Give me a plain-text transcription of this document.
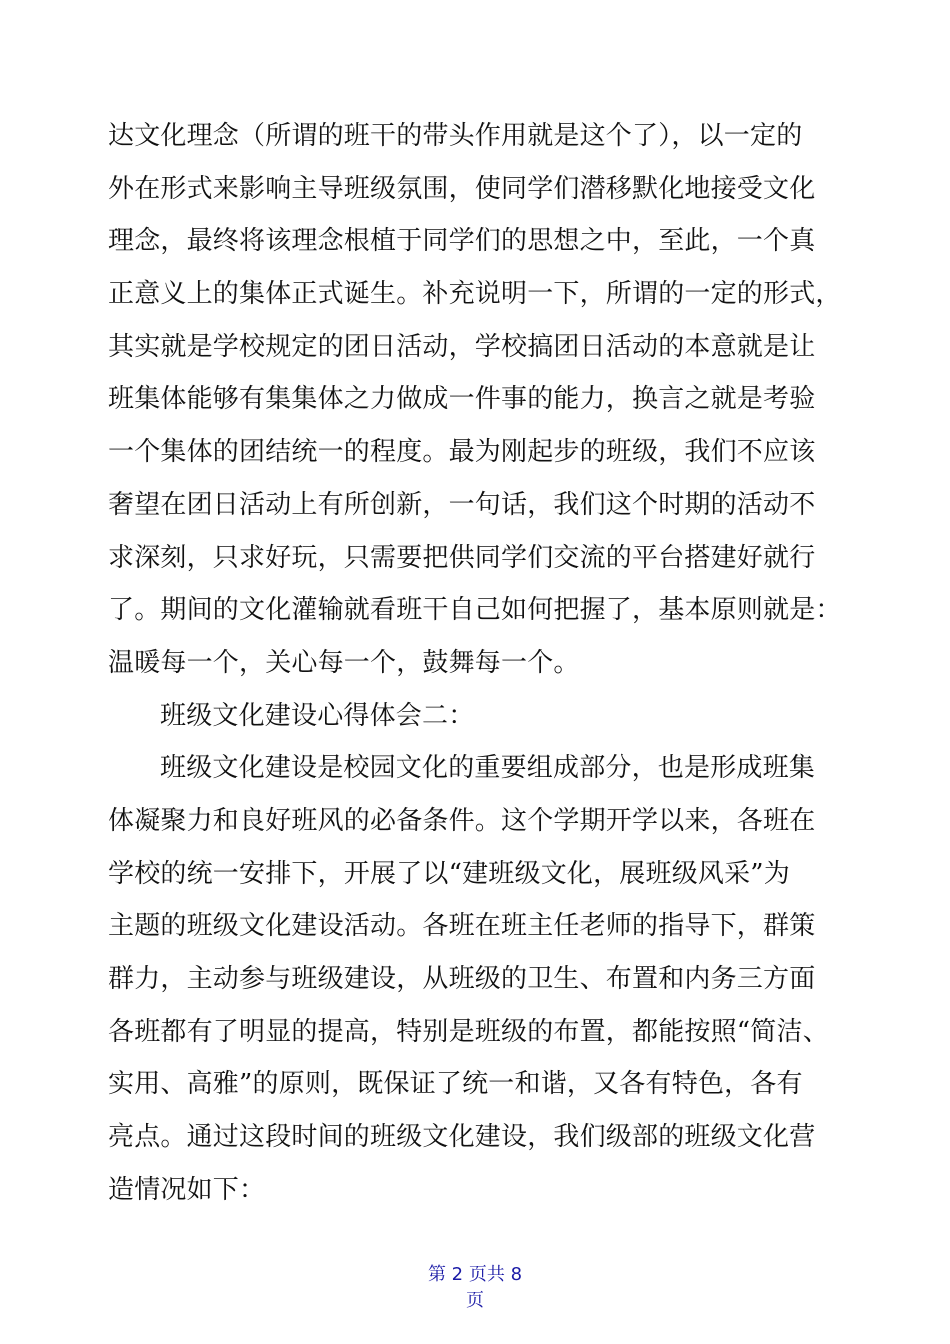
达文化理念（所谓的班干的带头作用就是这个了），以一定的
外在形式来影响主导班级氛围，使同学们潜移默化地接受文化
理念，最终将该理念根植于同学们的思想之中，至此，一个真
正意义上的集体正式诞生。补充说明一下，所谓的一定的形式，
其实就是学校规定的团日活动，学校搞团日活动的本意就是让
班集体能够有集集体之力做成一件事的能力，换言之就是考验
一个集体的团结统一的程度。最为刚起步的班级，我们不应该
奢望在团日活动上有所创新，一句话，我们这个时期的活动不
求深刻，只求好玩，只需要把供同学们交流的平台搭建好就行
了。期间的文化灌输就看班干自己如何把握了，基本原则就是：
温暖每一个，关心每一个，鼓舞每一个。
班级文化建设心得体会二：
班级文化建设是校园文化的重要组成部分，也是形成班集
体凝聚力和良好班风的必备条件。这个学期开学以来，各班在
学校的统一安排下，开展了以“建班级文化，展班级风采”为
主题的班级文化建设活动。各班在班主任老师的指导下，群策
群力，主动参与班级建设，从班级的卫生、布置和内务三方面
各班都有了明显的提高，特别是班级的布置，都能按照“简洁、
实用、高雅”的原则，既保证了统一和谐，又各有特色，各有
亮点。通过这段时间的班级文化建设，我们级部的班级文化营
造情况如下：
第 2 页共 8
页
